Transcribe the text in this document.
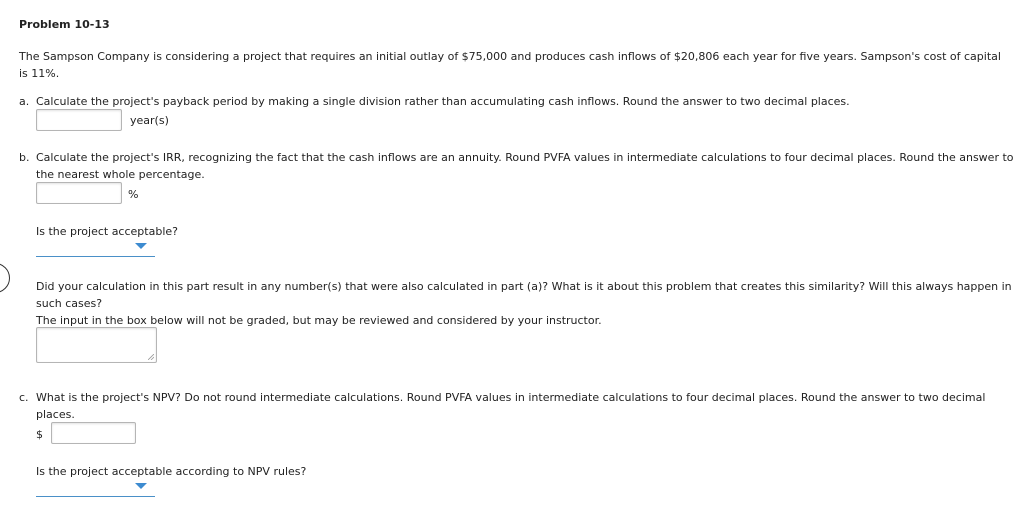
Problem 10-13
The Sampson Company is considering a project that requires an initial outlay of $75,000 and produces cash inflows of $20,806 each year for five years. Sampson's cost of capital is 11%.
a. Calculate the project's payback period by making a single division rather than accumulating cash inflows. Round the answer to two decimal places.
year(s)
b. Calculate the project's IRR, recognizing the fact that the cash inflows are an annuity. Round PVFA values in intermediate calculations to four decimal places. Round the answer to the nearest whole percentage.
%
Is the project acceptable?
Did your calculation in this part result in any number(s) that were also calculated in part (a)? What is it about this problem that creates this similarity? Will this always happen in such cases?
The input in the box below will not be graded, but may be reviewed and considered by your instructor.
c. What is the project's NPV? Do not round intermediate calculations. Round PVFA values in intermediate calculations to four decimal places. Round the answer to two decimal places.
$
Is the project acceptable according to NPV rules?
